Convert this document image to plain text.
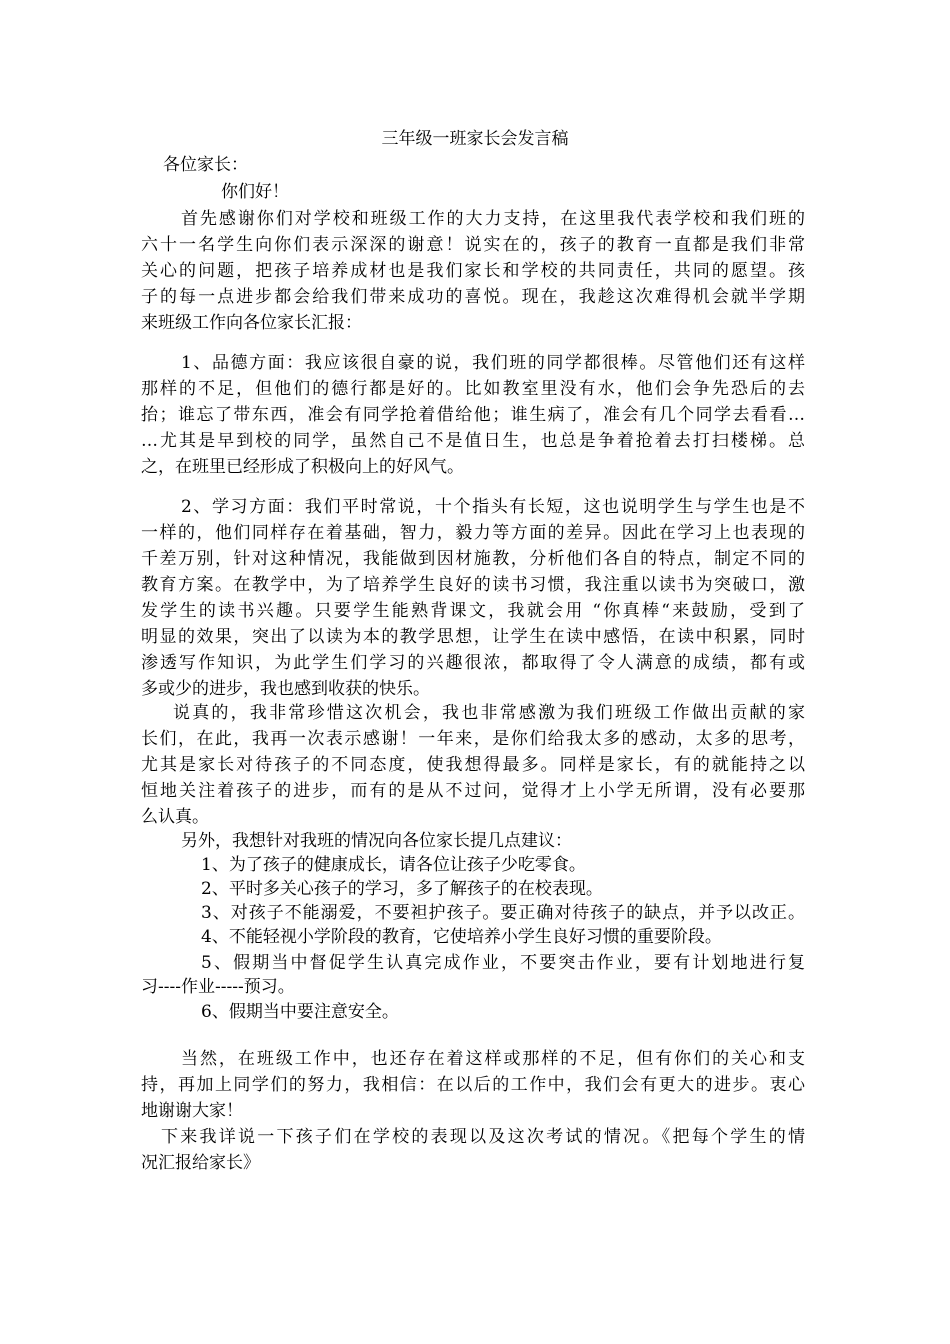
三年级一班家长会发言稿
各位家长：
你们好！
首先感谢你们对学校和班级工作的大力支持，在这里我代表学校和我们班的
六十一名学生向你们表示深深的谢意！说实在的，孩子的教育一直都是我们非常
关心的问题，把孩子培养成材也是我们家长和学校的共同责任，共同的愿望。孩
子的每一点进步都会给我们带来成功的喜悦。现在，我趁这次难得机会就半学期
来班级工作向各位家长汇报：
1、品德方面：我应该很自豪的说，我们班的同学都很棒。尽管他们还有这样
那样的不足，但他们的德行都是好的。比如教室里没有水，他们会争先恐后的去
抬；谁忘了带东西，准会有同学抢着借给他；谁生病了，准会有几个同学去看看…
…尤其是早到校的同学，虽然自己不是值日生，也总是争着抢着去打扫楼梯。总
之，在班里已经形成了积极向上的好风气。
2、学习方面：我们平时常说，十个指头有长短，这也说明学生与学生也是不
一样的，他们同样存在着基础，智力，毅力等方面的差异。因此在学习上也表现的
千差万别，针对这种情况，我能做到因材施教，分析他们各自的特点，制定不同的
教育方案。在教学中，为了培养学生良好的读书习惯，我注重以读书为突破口，激
发学生的读书兴趣。只要学生能熟背课文，我就会用 “你真棒“来鼓励，受到了
明显的效果，突出了以读为本的教学思想，让学生在读中感悟，在读中积累，同时
渗透写作知识，为此学生们学习的兴趣很浓，都取得了令人满意的成绩，都有或
多或少的进步，我也感到收获的快乐。
说真的，我非常珍惜这次机会，我也非常感激为我们班级工作做出贡献的家
长们，在此，我再一次表示感谢！一年来，是你们给我太多的感动，太多的思考，
尤其是家长对待孩子的不同态度，使我想得最多。同样是家长，有的就能持之以
恒地关注着孩子的进步，而有的是从不过问，觉得才上小学无所谓，没有必要那
么认真。
另外，我想针对我班的情况向各位家长提几点建议：
1、为了孩子的健康成长，请各位让孩子少吃零食。
2、平时多关心孩子的学习，多了解孩子的在校表现。
3、对孩子不能溺爱，不要袒护孩子。要正确对待孩子的缺点，并予以改正。
4、不能轻视小学阶段的教育，它使培养小学生良好习惯的重要阶段。
5、假期当中督促学生认真完成作业，不要突击作业，要有计划地进行复
习----作业-----预习。
6、假期当中要注意安全。
当然，在班级工作中，也还存在着这样或那样的不足，但有你们的关心和支
持，再加上同学们的努力，我相信：在以后的工作中，我们会有更大的进步。衷心
地谢谢大家！
下来我详说一下孩子们在学校的表现以及这次考试的情况。《把每个学生的情
况汇报给家长》
